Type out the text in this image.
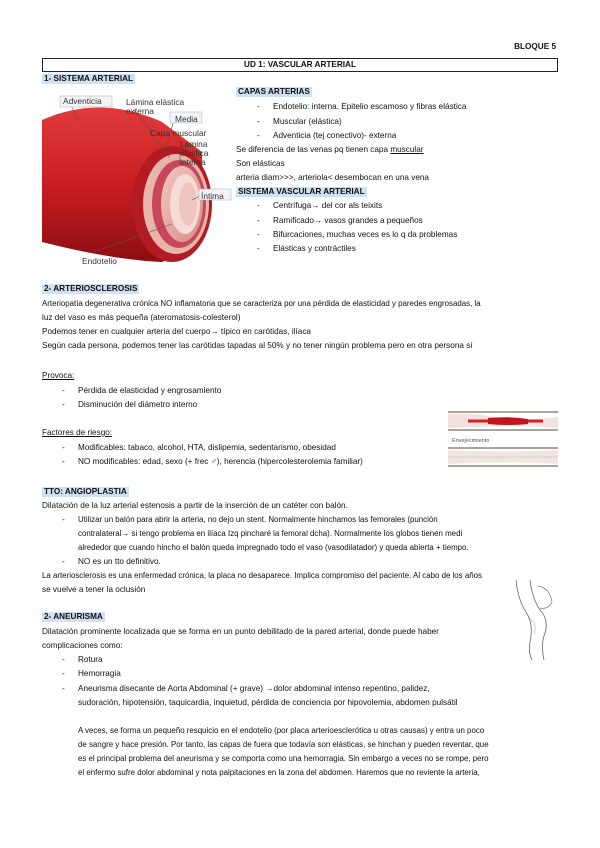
BLOQUE 5
UD 1: VASCULAR ARTERIAL
1- SISTEMA ARTERIAL
Adventicia	Lámina elástica externa
Media
Capa muscular
Lámina elástica interna
Íntima
Endotelio
CAPAS ARTERIAS
- Endotelio: interna. Epitelio escamoso y fibras elástica
- Muscular (elástica)
- Adventicia (tej conectivo)- externa
Se diferencia de las venas pq tienen capa muscular
Son elásticas
arteria diam>>>, arteriola< desembocan en una vena
SISTEMA VASCULAR ARTERIAL
- Centrífuga→ del cor als teixits
- Ramificado→ vasos grandes a pequeños
- Bifurcaciones, muchas veces es lo q da problemas
- Elásticas y contráctiles
2- ARTERIOSCLEROSIS
Arteriopatía degenerativa crónica NO inflamatoria que se caracteriza por una pérdida de elasticidad y paredes engrosadas, la
luz del vaso es más pequeña (ateromatosis-colesterol)
Podemos tener en cualquier arteria del cuerpo→ típico en carótidas, ilíaca
Según cada persona, podemos tener las carótidas tapadas al 50% y no tener ningún problema pero en otra persona sí
Provoca:
- Pérdida de elasticidad y engrosamiento
- Disminución del diámetro interno
Factores de riesgo:
- Modificables: tabaco, alcohol, HTA, dislipemia, sedentarismo, obesidad
- NO modificables: edad, sexo (+ frec ♂), herencia (hipercolesterolemia familiar)
Envejecimiento
TTO: ANGIOPLASTIA
Dilatación de la luz arterial estenosis a partir de la inserción de un catéter con balón.
- Utilizar un balón para abrir la arteria, no dejo un stent. Normalmente hinchamos las femorales (punción
contralateral→ si tengo problema en ilíaca Izq pincharé la femoral dcha). Normalmente los globos tienen medi
alrededor que cuando hincho el balón queda impregnado todo el vaso (vasodilatador) y queda abierta + tiempo.
- NO es un tto definitivo.
La arteriosclerosis es una enfermedad crónica, la placa no desaparece. Implica compromiso del paciente. Al cabo de los años
se vuelve a tener la oclusión
2- ANEURISMA
Dilatación prominente localizada que se forma en un punto debilitado de la pared arterial, donde puede haber
complicaciones como:
- Rotura
- Hemorragia
- Aneurisma disecante de Aorta Abdominal (+ grave) →dolor abdominal intenso repentino, palidez,
sudoración, hipotensión, taquicardia, inquietud, pérdida de conciencia por hipovolemia, abdomen pulsátil
A veces, se forma un pequeño resquicio en el endotelio (por placa arterioesclerótica u otras causas) y entra un poco
de sangre y hace presión. Por tanto, las capas de fuera que todavía son elásticas, se hinchan y pueden reventar, que
es el principal problema del aneurisma y se comporta como una hemorragia. Sin embargo a veces no se rompe, pero
el enfermo sufre dolor abdominal y nota palpitaciones en la zona del abdomen. Haremos que no reviente la arteria,
